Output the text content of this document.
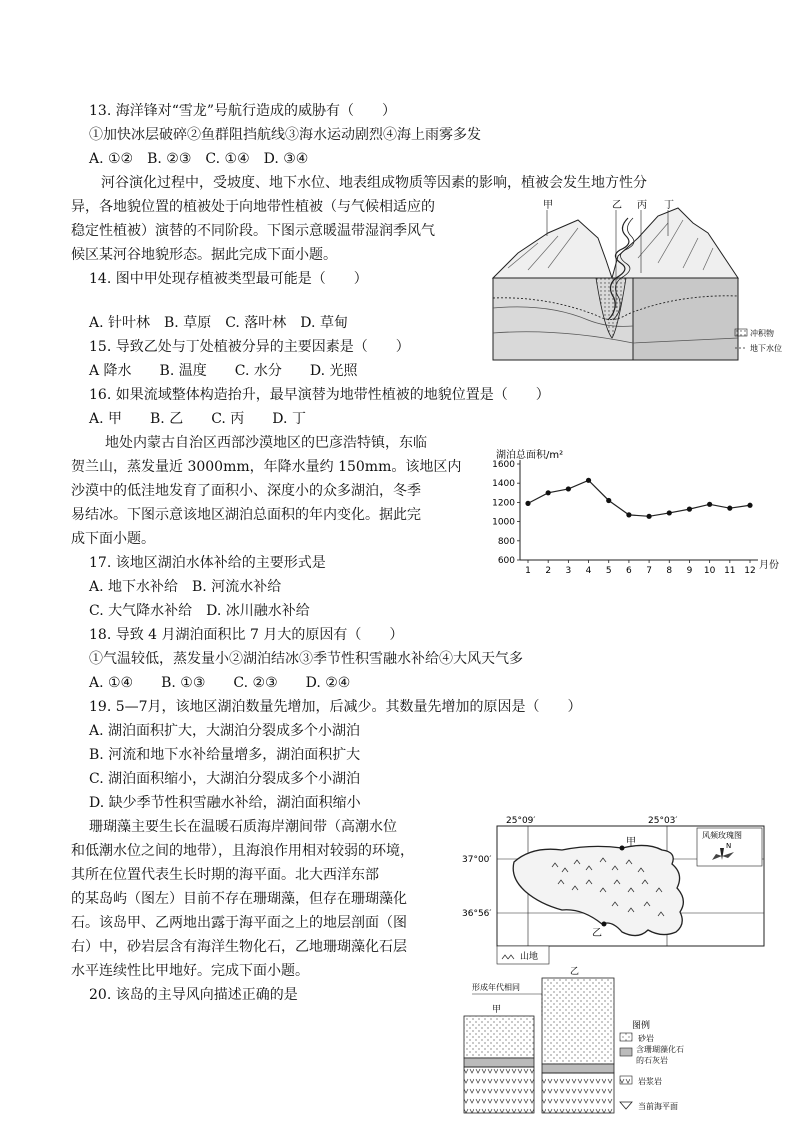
13. 海洋锋对“雪龙”号航行造成的威胁有（　　）
①加快冰层破碎②鱼群阻挡航线③海水运动剧烈④海上雨雾多发
A. ①②　B. ②③　C. ①④　D. ③④
河谷演化过程中，受坡度、地下水位、地表组成物质等因素的影响，植被会发生地方性分
异，各地貌位置的植被处于向地带性植被（与气候相适应的
稳定性植被）演替的不同阶段。下图示意暖温带湿润季风气
候区某河谷地貌形态。据此完成下面小题。
14. 图中甲处现存植被类型最可能是（　　）
A. 针叶林　B. 草原　C. 落叶林　D. 草甸
15. 导致乙处与丁处植被分异的主要因素是（　　）
A 降水　　B. 温度　　C. 水分　　D. 光照
16. 如果流域整体构造抬升，最早演替为地带性植被的地貌位置是（　　）
A. 甲　　B. 乙　　C. 丙　　D. 丁
地处内蒙古自治区西部沙漠地区的巴彦浩特镇，东临
贺兰山，蒸发量近 3000mm，年降水量约 150mm。该地区内
沙漠中的低洼地发育了面积小、深度小的众多湖泊，冬季
易结冰。下图示意该地区湖泊总面积的年内变化。据此完
成下面小题。
17. 该地区湖泊水体补给的主要形式是
A. 地下水补给　B. 河流水补给
C. 大气降水补给　D. 冰川融水补给
18. 导致 4 月湖泊面积比 7 月大的原因有（　　）
①气温较低，蒸发量小②湖泊结冰③季节性积雪融水补给④大风天气多
A. ①④　　B. ①③　　C. ②③　　D. ②④
19. 5—7月，该地区湖泊数量先增加，后减少。其数量先增加的原因是（　　）
A. 湖泊面积扩大，大湖泊分裂成多个小湖泊
B. 河流和地下水补给量增多，湖泊面积扩大
C. 湖泊面积缩小，大湖泊分裂成多个小湖泊
D. 缺少季节性积雪融水补给，湖泊面积缩小
珊瑚藻主要生长在温暖石质海岸潮间带（高潮水位
和低潮水位之间的地带），且海浪作用相对较弱的环境，
其所在位置代表生长时期的海平面。北大西洋东部
的某岛屿（图左）目前不存在珊瑚藻，但存在珊瑚藻化
石。该岛甲、乙两地出露于海平面之上的地层剖面（图
右）中，砂岩层含有海洋生物化石，乙地珊瑚藻化石层
水平连续性比甲地好。完成下面小题。
20. 该岛的主导风向描述正确的是
甲	乙 丙 丁
冲积物
地下水位
湖泊总面积/m²
月份
600
800
1000
1200
1400
1600
1 2 3 4 5 6 7 8 9 10 11 12
25°09′	25°03′
37°00′
36°56′
甲
乙
风频玫瑰图
N
山地
乙
形成年代相同
甲
图例
砂岩
含珊瑚藻化石的石灰岩
岩浆岩
当前海平面
